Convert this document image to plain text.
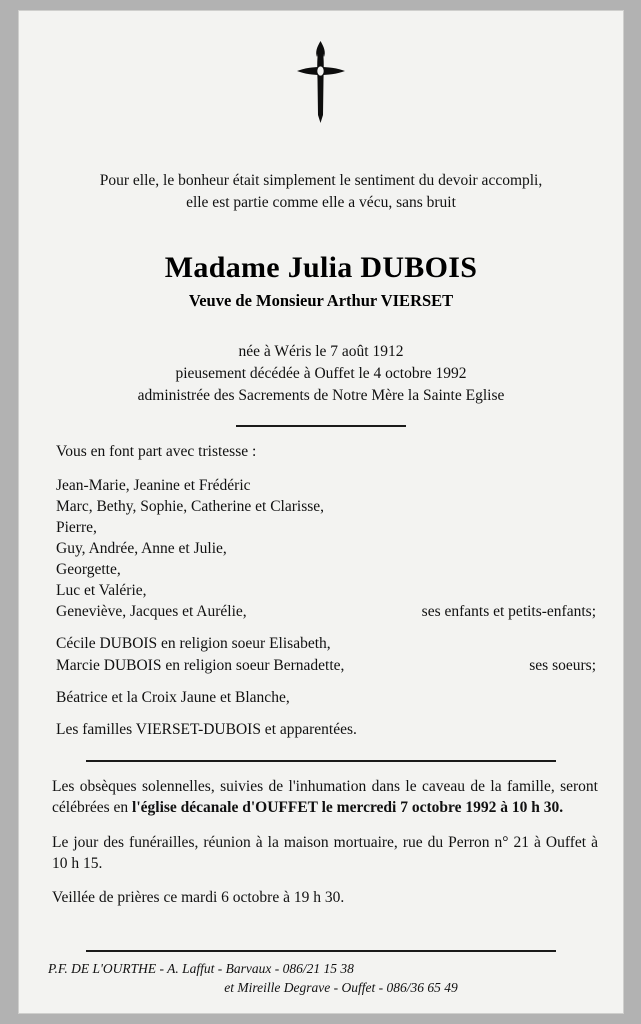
Pour elle, le bonheur était simplement le sentiment du devoir accompli,
elle est partie comme elle a vécu, sans bruit
Madame Julia DUBOIS
Veuve de Monsieur Arthur VIERSET
née à Wéris le 7 août 1912
pieusement décédée à Ouffet le 4 octobre 1992
administrée des Sacrements de Notre Mère la Sainte Eglise
Vous en font part avec tristesse :
Jean-Marie, Jeanine et Frédéric
Marc, Bethy, Sophie, Catherine et Clarisse,
Pierre,
Guy, Andrée, Anne et Julie,
Georgette,
Luc et Valérie,
Geneviève, Jacques et Aurélie,	ses enfants et petits-enfants;
Cécile DUBOIS en religion soeur Elisabeth,
Marcie DUBOIS en religion soeur Bernadette,	ses soeurs;
Béatrice et la Croix Jaune et Blanche,
Les familles VIERSET-DUBOIS et apparentées.

Les obsèques solennelles, suivies de l'inhumation dans le caveau de la famille, seront célébrées en l'église décanale d'OUFFET le mercredi 7 octobre 1992 à 10 h 30.

Le jour des funérailles, réunion à la maison mortuaire, rue du Perron n° 21 à Ouffet à 10 h 15.

Veillée de prières ce mardi 6 octobre à 19 h 30.

P.F. DE L'OURTHE - A. Laffut - Barvaux - 086/21 15 38
et Mireille Degrave - Ouffet - 086/36 65 49
